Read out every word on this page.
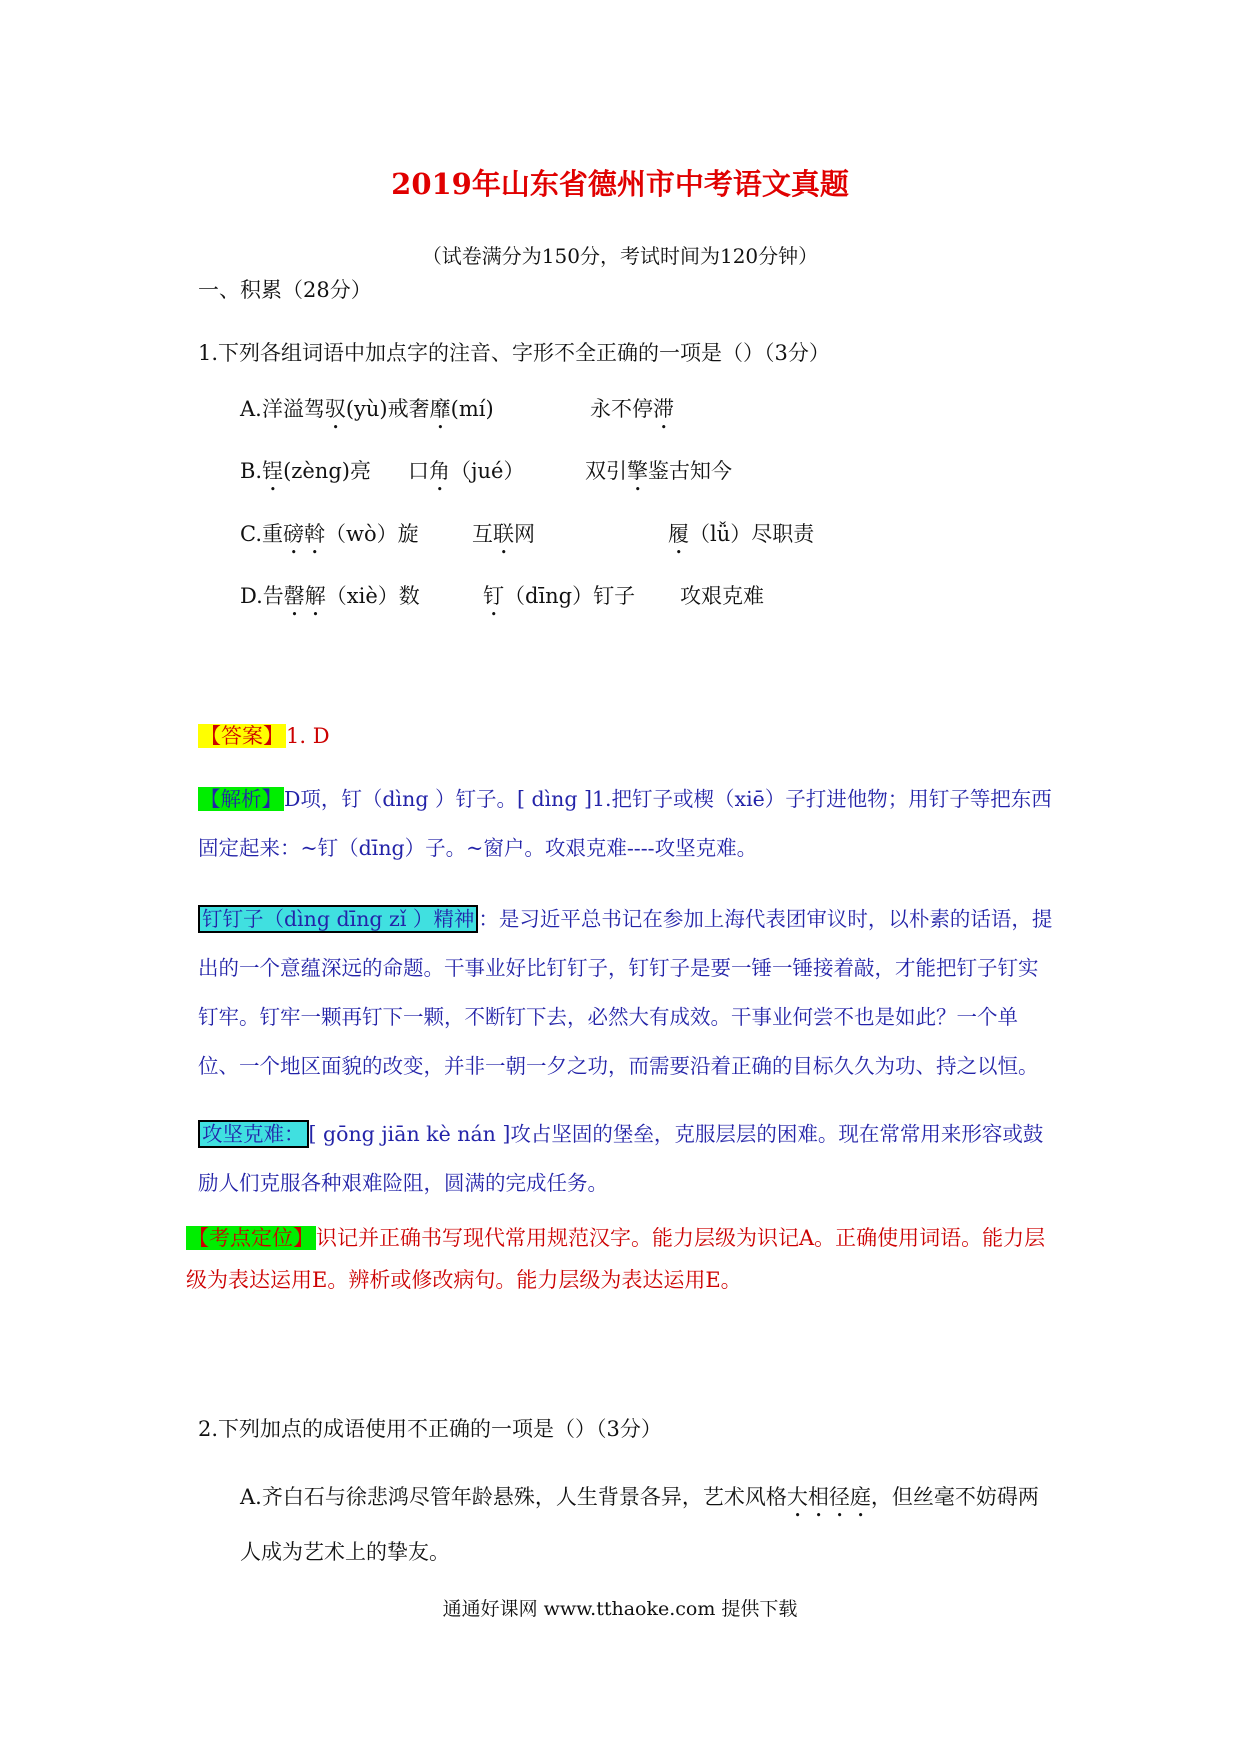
2019年山东省德州市中考语文真题
（试卷满分为150分，考试时间为120分钟）
一、积累（28分）
1.下列各组词语中加点字的注音、字形不全正确的一项是（）（3分）
A.洋溢驾驭(yù)戒奢靡(mí)	永不停滞
B.锃(zèng)亮 口角（jué）	双引擎鉴古知今
C.重磅斡（wò）旋	互联网	履（lǚ）尽职责
D.告罄解（xiè）数	钉（dīng）钉子 攻艰克难
【答案】1. D
【解析】D项，钉（dìng ）钉子。[ dìng ]1.把钉子或楔（xiē）子打进他物；用钉子等把东西固定起来：~钉（dīng）子。~窗户。攻艰克难----攻坚克难。
钉钉子（dìng dīng zǐ ）精神 ：是习近平总书记在参加上海代表团审议时，以朴素的话语，提出的一个意蕴深远的命题。干事业好比钉钉子，钉钉子是要一锤一锤接着敲，才能把钉子钉实钉牢。钉牢一颗再钉下一颗，不断钉下去，必然大有成效。干事业何尝不也是如此？一个单位、一个地区面貌的改变，并非一朝一夕之功，而需要沿着正确的目标久久为功、持之以恒。
攻坚克难： [ gōng jiān kè nán ]攻占坚固的堡垒，克服层层的困难。现在常常用来形容或鼓励人们克服各种艰难险阻，圆满的完成任务。
【考点定位】识记并正确书写现代常用规范汉字。能力层级为识记A。正确使用词语。能力层级为表达运用E。辨析或修改病句。能力层级为表达运用E。
2.下列加点的成语使用不正确的一项是（）（3分）
A.齐白石与徐悲鸿尽管年龄悬殊，人生背景各异，艺术风格大相径庭，但丝毫不妨碍两人成为艺术上的挚友。
通通好课网 www.tthaoke.com 提供下载
